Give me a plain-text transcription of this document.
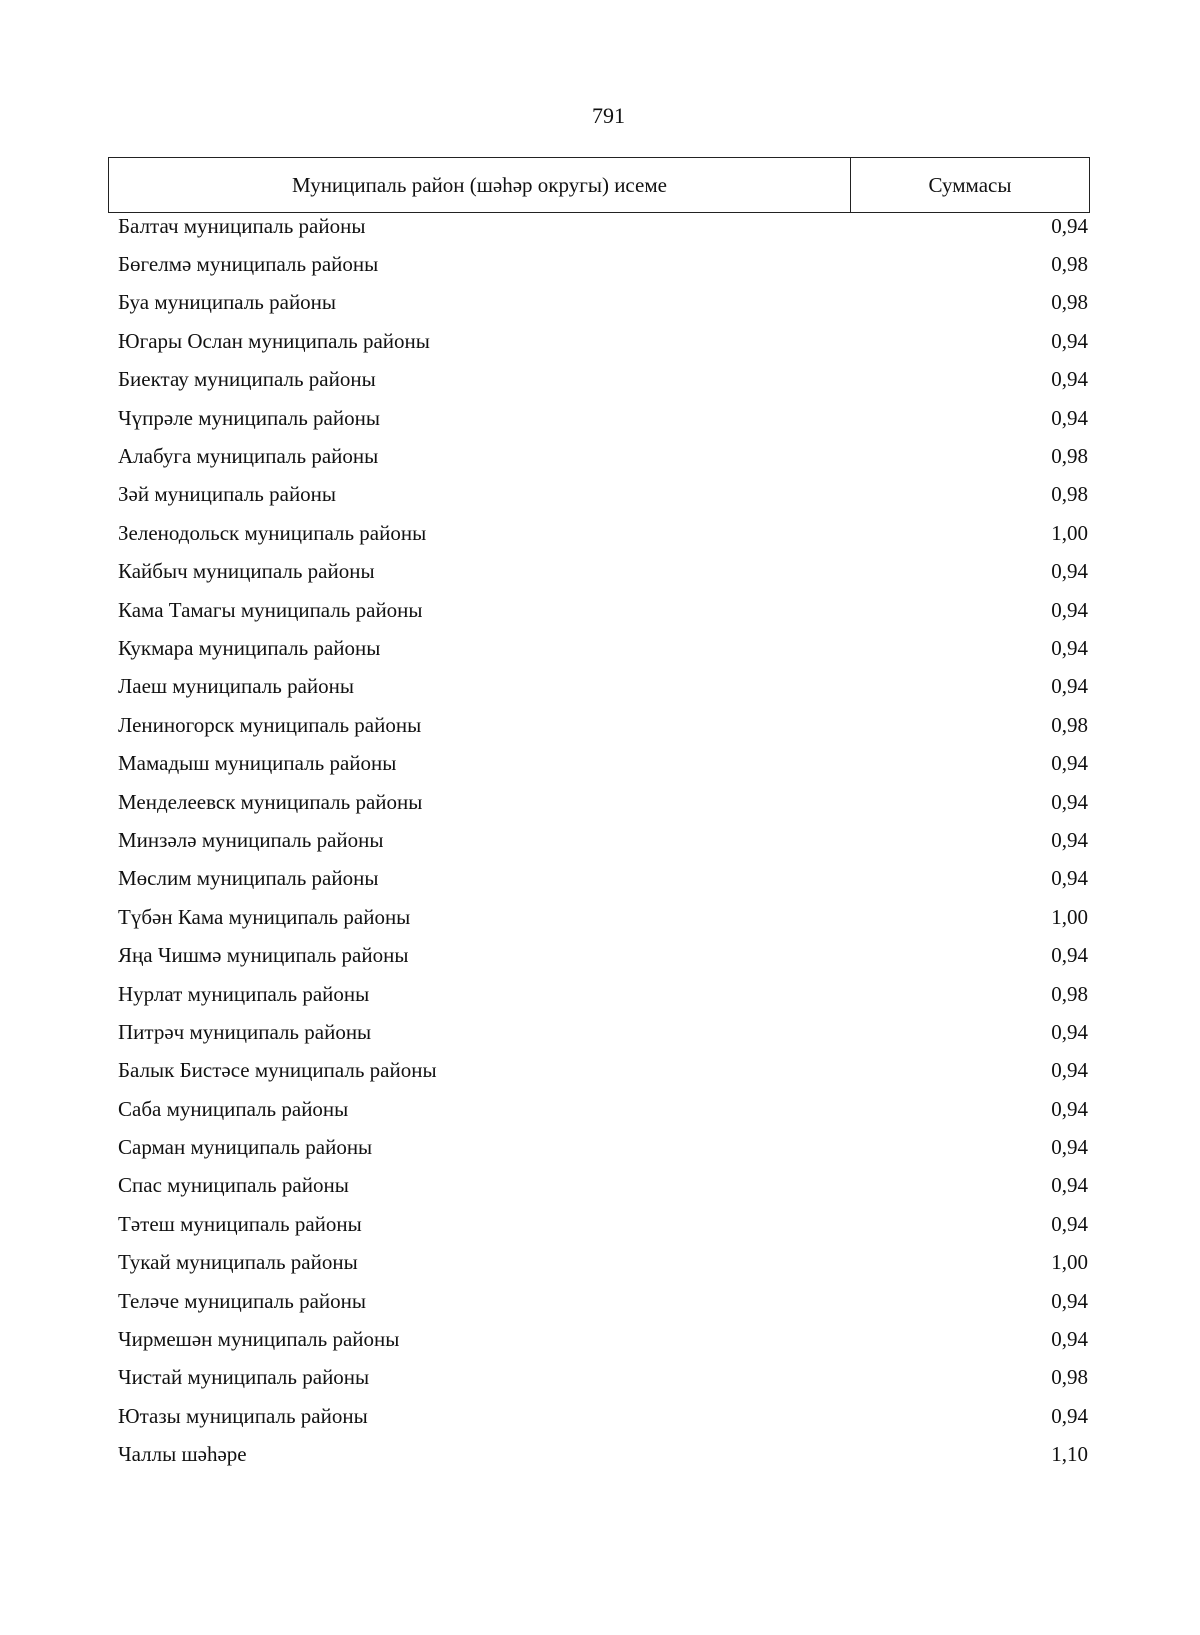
791
Муниципаль район (шәһәр округы) исеме	Суммасы
Балтач муниципаль районы	0,94
Бөгелмә муниципаль районы	0,98
Буа муниципаль районы	0,98
Югары Ослан муниципаль районы	0,94
Биектау муниципаль районы	0,94
Чүпрәле муниципаль районы	0,94
Алабуга муниципаль районы	0,98
Зәй муниципаль районы	0,98
Зеленодольск муниципаль районы	1,00
Кайбыч муниципаль районы	0,94
Кама Тамагы муниципаль районы	0,94
Кукмара муниципаль районы	0,94
Лаеш муниципаль районы	0,94
Лениногорск муниципаль районы	0,98
Мамадыш муниципаль районы	0,94
Менделеевск муниципаль районы	0,94
Минзәлә муниципаль районы	0,94
Мөслим муниципаль районы	0,94
Түбән Кама муниципаль районы	1,00
Яңа Чишмә муниципаль районы	0,94
Нурлат муниципаль районы	0,98
Питрәч муниципаль районы	0,94
Балык Бистәсе муниципаль районы	0,94
Саба муниципаль районы	0,94
Сарман муниципаль районы	0,94
Спас муниципаль районы	0,94
Тәтеш муниципаль районы	0,94
Тукай муниципаль районы	1,00
Теләче муниципаль районы	0,94
Чирмешән муниципаль районы	0,94
Чистай муниципаль районы	0,98
Ютазы муниципаль районы	0,94
Чаллы шәһәре	1,10
